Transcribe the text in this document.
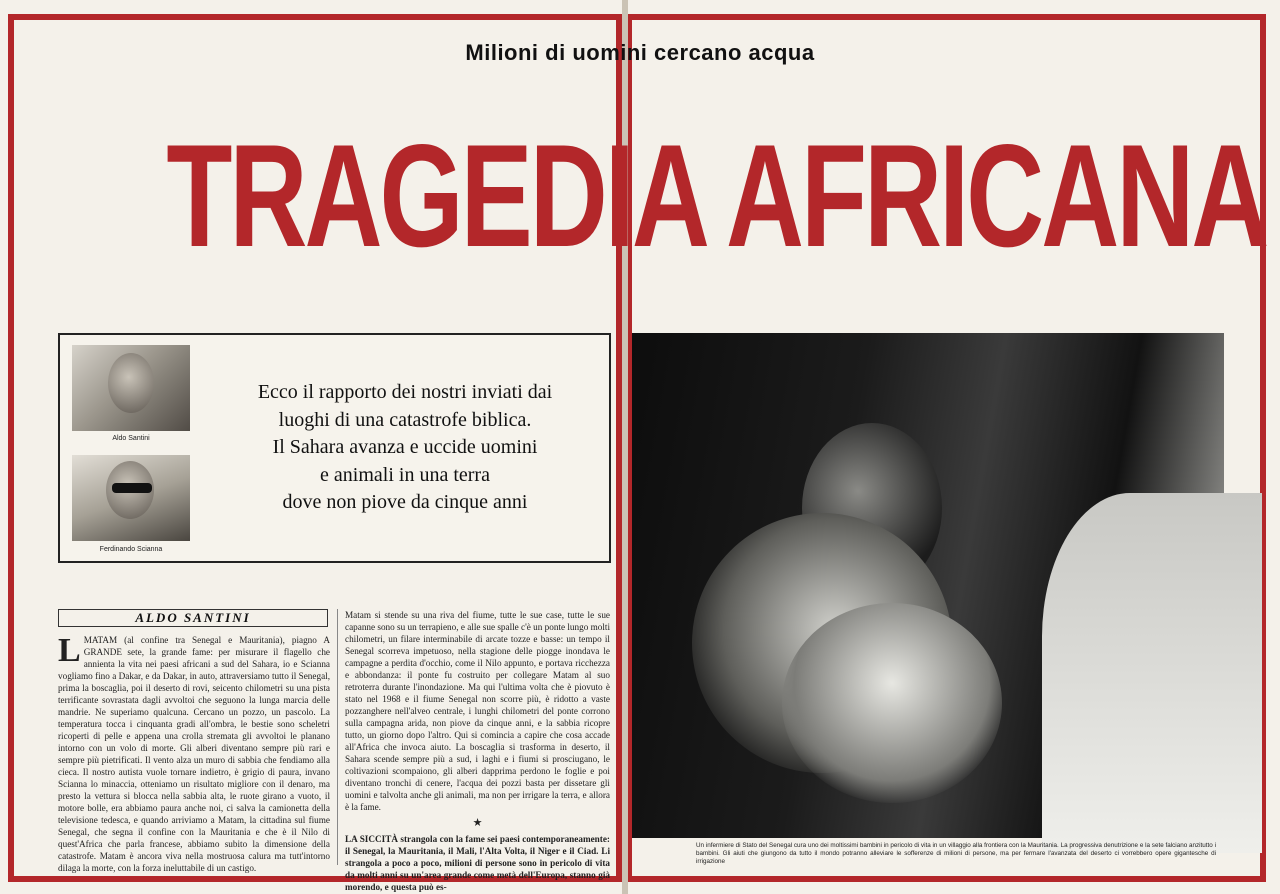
Milioni di uomini cercano acqua
TRAGEDIA AFRICANA
Aldo Santini
Ferdinando Scianna
Ecco il rapporto dei nostri inviati dai
luoghi di una catastrofe biblica.
Il Sahara avanza e uccide uomini
e animali in una terra
dove non piove da cinque anni
ALDO SANTINI
L MATAM (al confine tra Senegal e Mauritania), piagno A GRANDE sete, la grande fame: per misurare il flagello che annienta la vita nei paesi africani a sud del Sahara, io e Scianna vogliamo fino a Dakar, e da Dakar, in auto, attraversiamo tutto il Senegal, prima la boscaglia, poi il deserto di rovi, seicento chilometri su una pista terrificante sovrastata dagli avvoltoi che seguono la lunga marcia delle mandrie. Ne superiamo qualcuna. Cercano un pozzo, un pascolo. La temperatura tocca i cinquanta gradi all'ombra, le bestie sono scheletri ricoperti di pelle e appena una crolla stremata gli avvoltoi le planano intorno con un volo di morte. Gli alberi diventano sempre più rari e sempre più pietrificati. Il vento alza un muro di sabbia che fendiamo alla cieca. Il nostro autista vuole tornare indietro, è grigio di paura, invano Scianna lo minaccia, otteniamo un risultato migliore con il denaro, ma presto la vettura si blocca nella sabbia alta, le ruote girano a vuoto, il motore bolle, era abbiamo paura anche noi, ci salva la camionetta della televisione tedesca, e quando arriviamo a Matam, la cittadina sul fiume Senegal, che segna il confine con la Mauritania e che è il Nilo di quest'Africa che parla francese, abbiamo subito la dimensione della catastrofe. Matam è ancora viva nella mostruosa calura ma tutt'intorno dilaga la morte, con la forza ineluttabile di un castigo.
Matam si stende su una riva del fiume, tutte le sue case, tutte le sue capanne sono su un terrapieno, e alle sue spalle c'è un ponte lungo molti chilometri, un filare interminabile di arcate tozze e basse: un tempo il Senegal scorreva impetuoso, nella stagione delle piogge inondava le campagne a perdita d'occhio, come il Nilo appunto, e portava ricchezza e abbondanza: il ponte fu costruito per collegare Matam al suo retroterra durante l'inondazione. Ma qui l'ultima volta che è piovuto è stato nel 1968 e il fiume Senegal non scorre più, è ridotto a vaste pozzanghere nell'alveo centrale, i lunghi chilometri del ponte corrono sulla campagna arida, non piove da cinque anni, e la sabbia ricopre tutto, un giorno dopo l'altro. Qui si comincia a capire che cosa accade all'Africa che invoca aiuto. La boscaglia si trasforma in deserto, il Sahara scende sempre più a sud, i laghi e i fiumi si prosciugano, le coltivazioni scompaiono, gli alberi dapprima perdono le foglie e poi diventano tronchi di cenere, l'acqua dei pozzi basta per dissetare gli uomini e talvolta anche gli animali, ma non per irrigare la terra, e allora è la fame.
★
LA SICCITÀ strangola con la fame sei paesi contemporaneamente: il Senegal, la Mauritania, il Mali, l'Alta Volta, il Niger e il Ciad. Li strangola a poco a poco, milioni di persone sono in pericolo di vita da molti anni su un'area grande come metà dell'Europa, stanno già morendo, e questa può es-
Un infermiere di Stato del Senegal cura uno dei moltissimi bambini in pericolo di vita in un villaggio alla frontiera con la Mauritania. La progressiva denutrizione e la sete falciano anzitutto i bambini. Gli aiuti che giungono da tutto il mondo potranno alleviare le sofferenze di milioni di persone, ma per fermare l'avanzata del deserto ci vorrebbero opere gigantesche di irrigazione
